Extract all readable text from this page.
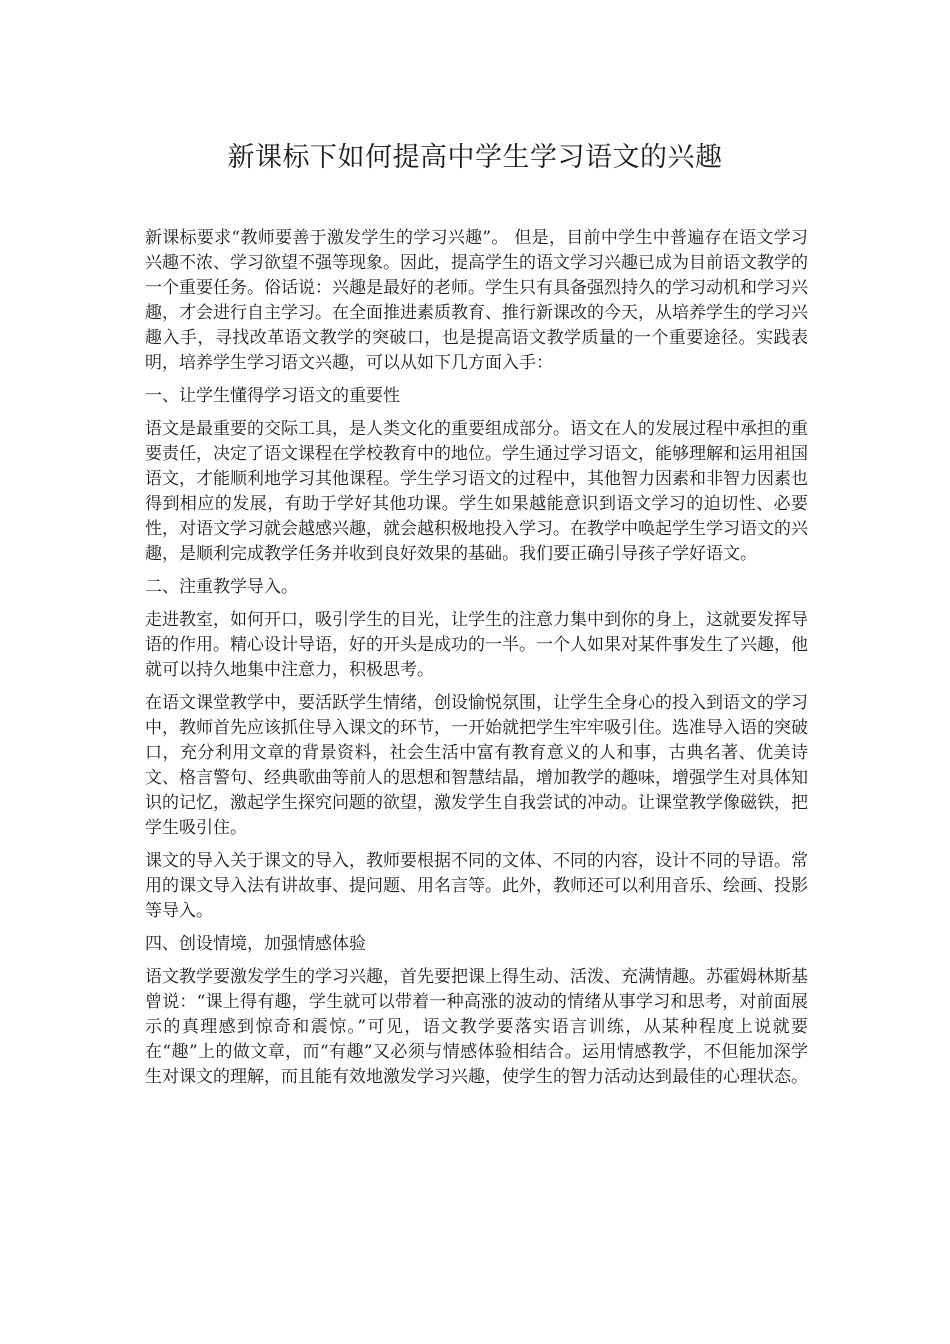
新课标下如何提高中学生学习语文的兴趣

新课标要求“教师要善于激发学生的学习兴趣”。 但是，目前中学生中普遍存在语文学习兴趣不浓、学习欲望不强等现象。因此，提高学生的语文学习兴趣已成为目前语文教学的一个重要任务。俗话说：兴趣是最好的老师。学生只有具备强烈持久的学习动机和学习兴趣，才会进行自主学习。在全面推进素质教育、推行新课改的今天，从培养学生的学习兴趣入手，寻找改革语文教学的突破口，也是提高语文教学质量的一个重要途径。实践表明，培养学生学习语文兴趣，可以从如下几方面入手：

一、让学生懂得学习语文的重要性

语文是最重要的交际工具，是人类文化的重要组成部分。语文在人的发展过程中承担的重要责任，决定了语文课程在学校教育中的地位。学生通过学习语文，能够理解和运用祖国语文，才能顺利地学习其他课程。学生学习语文的过程中，其他智力因素和非智力因素也得到相应的发展，有助于学好其他功课。学生如果越能意识到语文学习的迫切性、必要性，对语文学习就会越感兴趣，就会越积极地投入学习。在教学中唤起学生学习语文的兴趣，是顺利完成教学任务并收到良好效果的基础。我们要正确引导孩子学好语文。

二、注重教学导入。

走进教室，如何开口，吸引学生的目光，让学生的注意力集中到你的身上，这就要发挥导语的作用。精心设计导语，好的开头是成功的一半。一个人如果对某件事发生了兴趣，他就可以持久地集中注意力，积极思考。

在语文课堂教学中，要活跃学生情绪，创设愉悦氛围，让学生全身心的投入到语文的学习中，教师首先应该抓住导入课文的环节，一开始就把学生牢牢吸引住。选准导入语的突破口，充分利用文章的背景资料，社会生活中富有教育意义的人和事，古典名著、优美诗文、格言警句、经典歌曲等前人的思想和智慧结晶，增加教学的趣味，增强学生对具体知识的记忆，激起学生探究问题的欲望，激发学生自我尝试的冲动。让课堂教学像磁铁，把学生吸引住。

课文的导入关于课文的导入，教师要根据不同的文体、不同的内容，设计不同的导语。常用的课文导入法有讲故事、提问题、用名言等。此外，教师还可以利用音乐、绘画、投影等导入。

四、创设情境，加强情感体验

语文教学要激发学生的学习兴趣，首先要把课上得生动、活泼、充满情趣。苏霍姆林斯基曾说：“课上得有趣，学生就可以带着一种高涨的波动的情绪从事学习和思考，对前面展示的真理感到惊奇和震惊。”可见，语文教学要落实语言训练，从某种程度上说就要在“趣”上的做文章，而“有趣”又必须与情感体验相结合。运用情感教学，不但能加深学生对课文的理解，而且能有效地激发学习兴趣，使学生的智力活动达到最佳的心理状态。
